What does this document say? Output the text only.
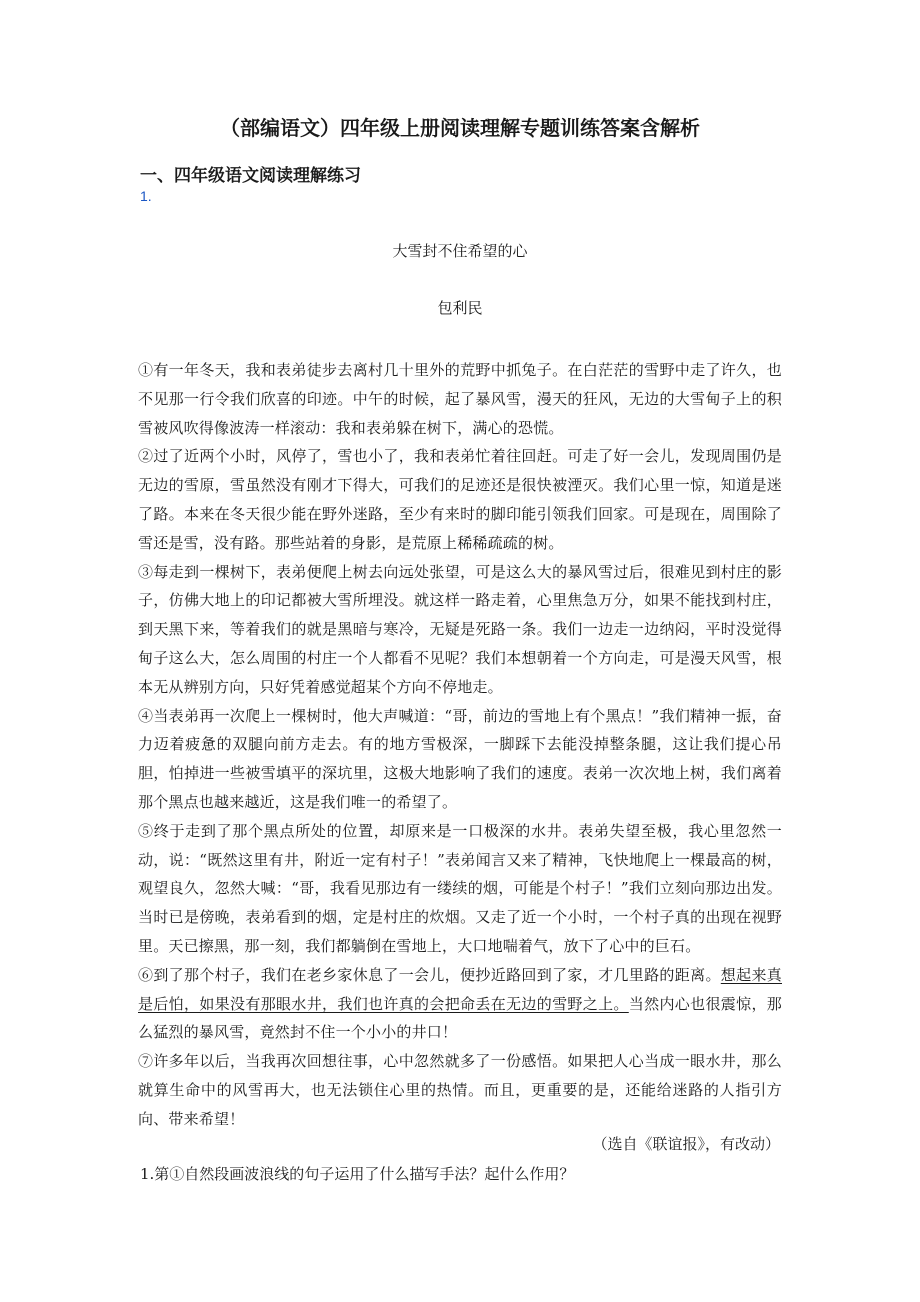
（部编语文）四年级上册阅读理解专题训练答案含解析
一、四年级语文阅读理解练习
1.
大雪封不住希望的心
包利民

①有一年冬天，我和表弟徒步去离村几十里外的荒野中抓兔子。在白茫茫的雪野中走了许久，也不见那一行令我们欣喜的印迹。中午的时候，起了暴风雪，漫天的狂风，无边的大雪甸子上的积雪被风吹得像波涛一样滚动：我和表弟躲在树下，满心的恐慌。

②过了近两个小时，风停了，雪也小了，我和表弟忙着往回赶。可走了好一会儿，发现周围仍是无边的雪原，雪虽然没有刚才下得大，可我们的足迹还是很快被湮灭。我们心里一惊，知道是迷了路。本来在冬天很少能在野外迷路，至少有来时的脚印能引领我们回家。可是现在，周围除了雪还是雪，没有路。那些站着的身影，是荒原上稀稀疏疏的树。

③每走到一棵树下，表弟便爬上树去向远处张望，可是这么大的暴风雪过后，很难见到村庄的影子，仿佛大地上的印记都被大雪所埋没。就这样一路走着，心里焦急万分，如果不能找到村庄，到天黑下来，等着我们的就是黑暗与寒冷，无疑是死路一条。我们一边走一边纳闷，平时没觉得甸子这么大，怎么周围的村庄一个人都看不见呢？我们本想朝着一个方向走，可是漫天风雪，根本无从辨别方向，只好凭着感觉超某个方向不停地走。

④当表弟再一次爬上一棵树时，他大声喊道：“哥，前边的雪地上有个黑点！”我们精神一振，奋力迈着疲惫的双腿向前方走去。有的地方雪极深，一脚踩下去能没掉整条腿，这让我们提心吊胆，怕掉进一些被雪填平的深坑里，这极大地影响了我们的速度。表弟一次次地上树，我们离着那个黑点也越来越近，这是我们唯一的希望了。

⑤终于走到了那个黑点所处的位置，却原来是一口极深的水井。表弟失望至极，我心里忽然一动，说：“既然这里有井，附近一定有村子！”表弟闻言又来了精神，飞快地爬上一棵最高的树，观望良久，忽然大喊：“哥，我看见那边有一缕续的烟，可能是个村子！”我们立刻向那边出发。当时已是傍晚，表弟看到的烟，定是村庄的炊烟。又走了近一个小时，一个村子真的出现在视野里。天已擦黑，那一刻，我们都躺倒在雪地上，大口地喘着气，放下了心中的巨石。

⑥到了那个村子，我们在老乡家休息了一会儿，便抄近路回到了家，才几里路的距离。想起来真是后怕，如果没有那眼水井，我们也许真的会把命丢在无边的雪野之上。当然内心也很震惊，那么猛烈的暴风雪，竟然封不住一个小小的井口！

⑦许多年以后，当我再次回想往事，心中忽然就多了一份感悟。如果把人心当成一眼水井，那么就算生命中的风雪再大，也无法锁住心里的热情。而且，更重要的是，还能给迷路的人指引方向、带来希望！

（选自《联谊报》，有改动）
1.第①自然段画波浪线的句子运用了什么描写手法？起什么作用？
